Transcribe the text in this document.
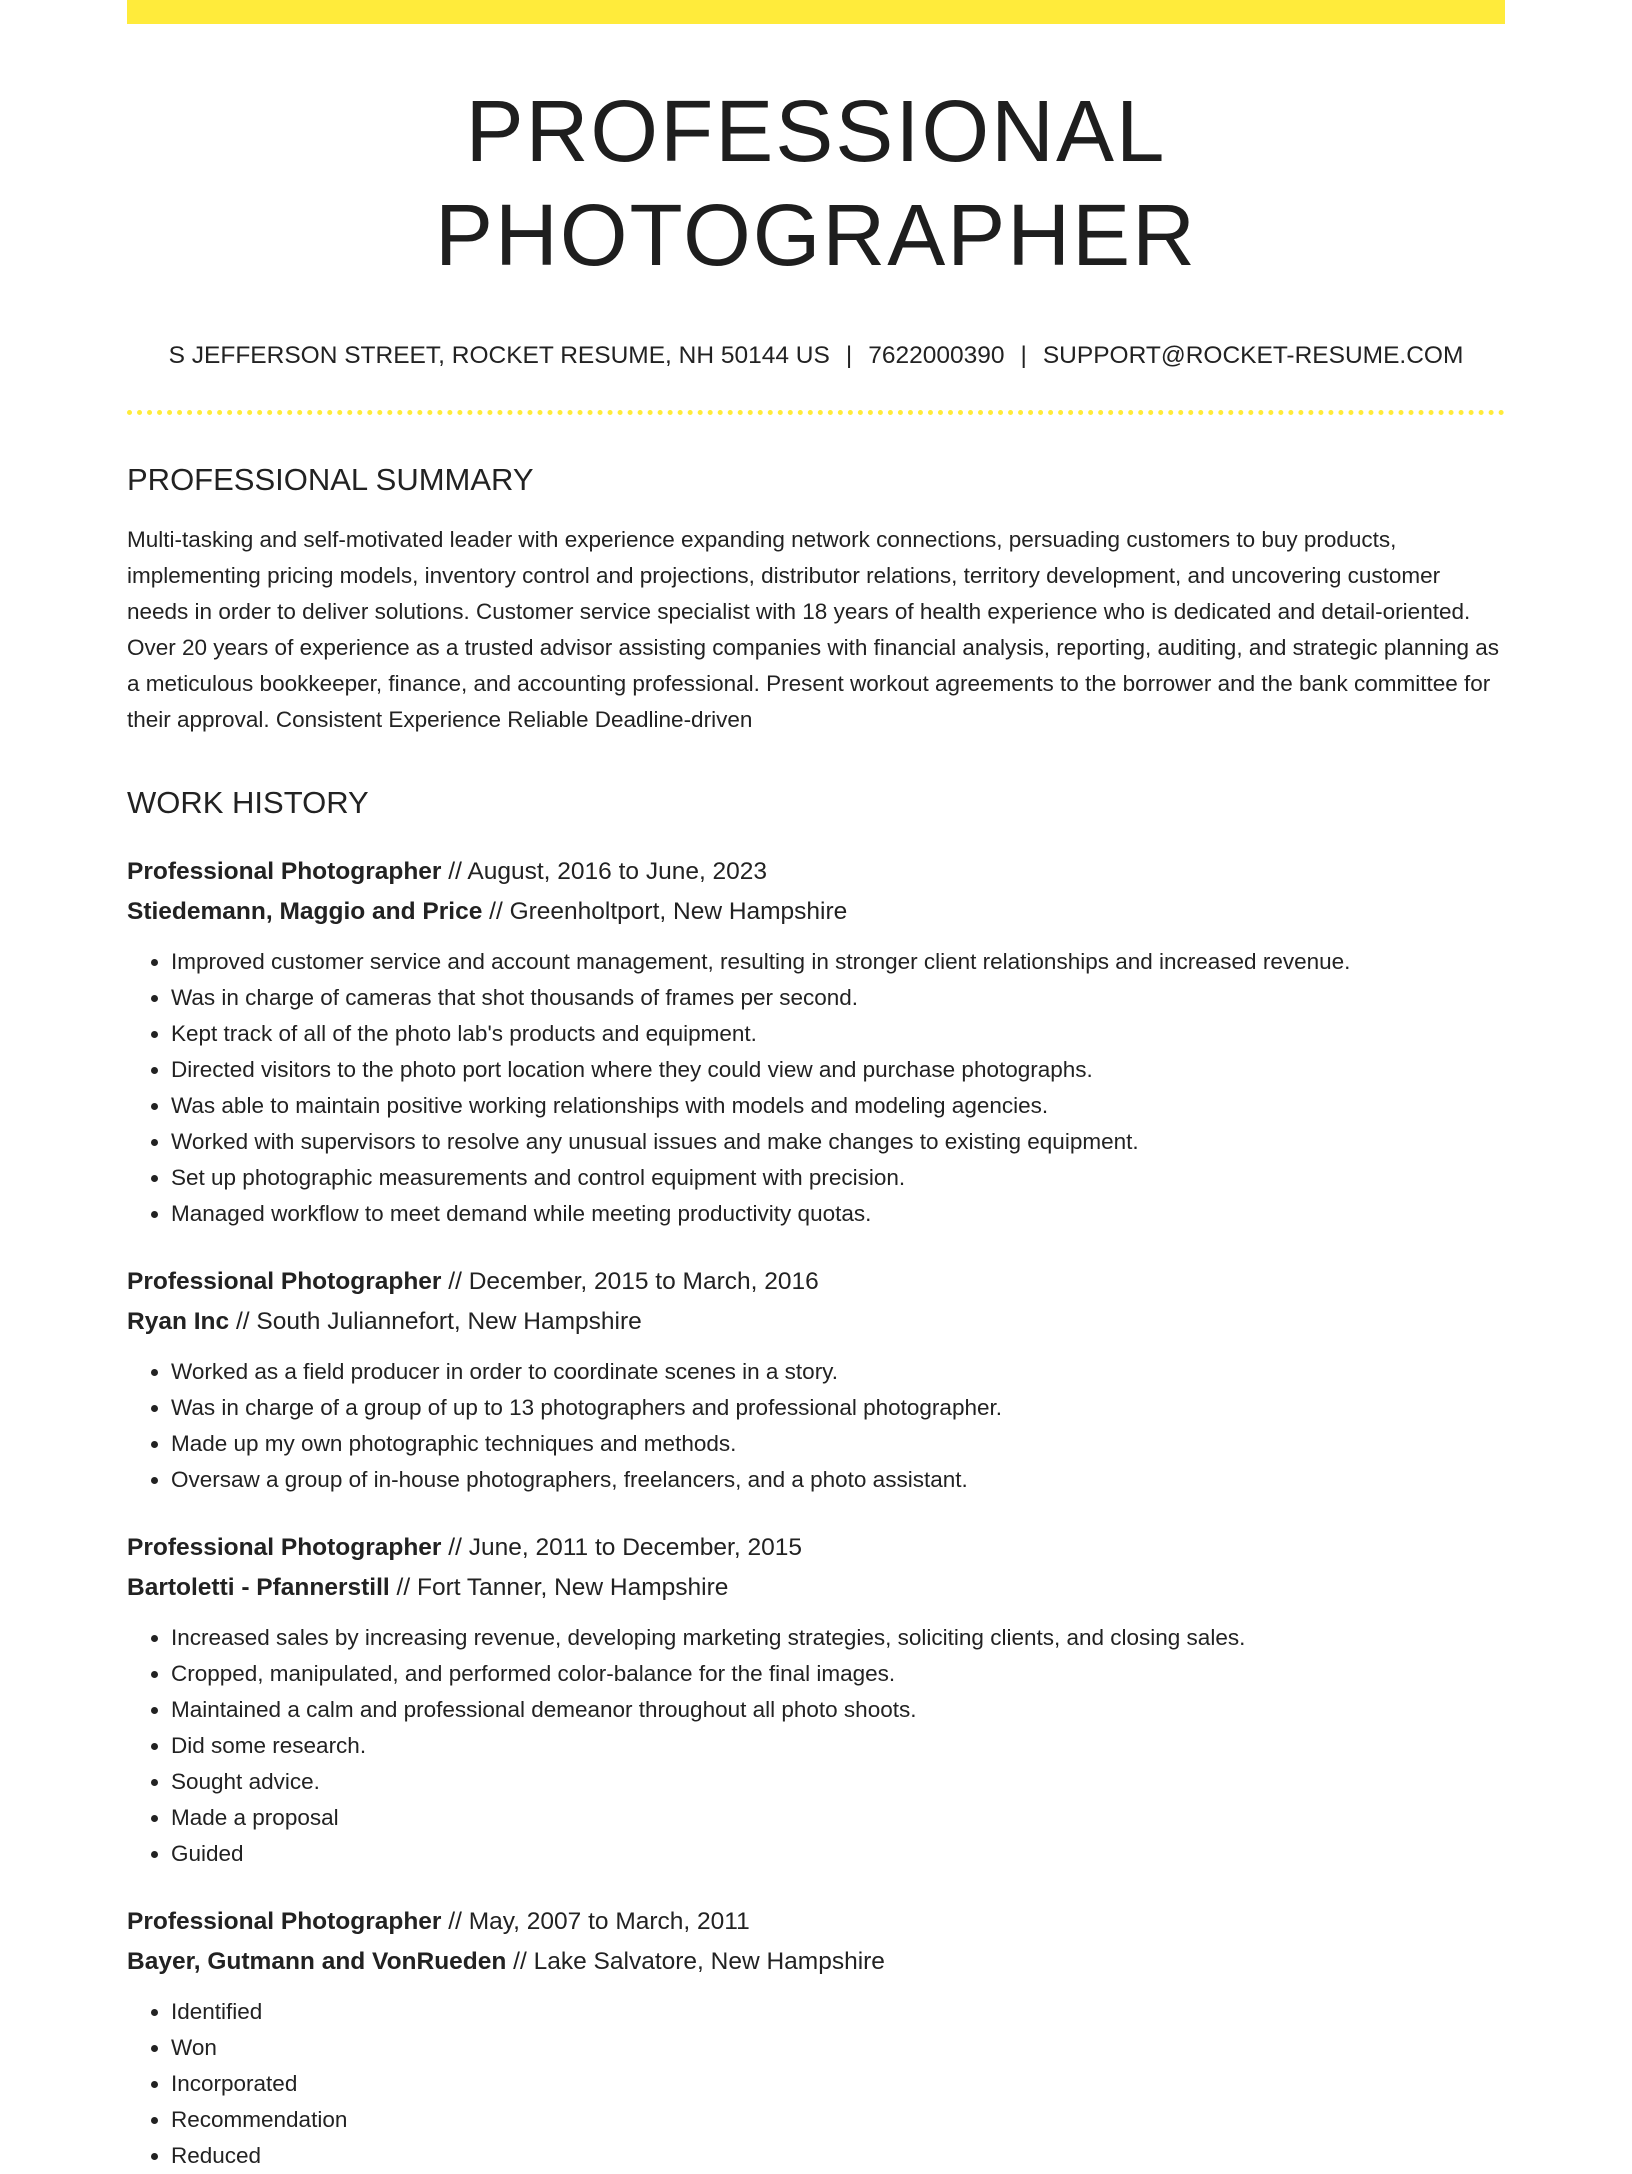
PROFESSIONAL PHOTOGRAPHER
S JEFFERSON STREET, ROCKET RESUME, NH 50144 US | 7622000390 | SUPPORT@ROCKET-RESUME.COM
PROFESSIONAL SUMMARY
Multi-tasking and self-motivated leader with experience expanding network connections, persuading customers to buy products, implementing pricing models, inventory control and projections, distributor relations, territory development, and uncovering customer needs in order to deliver solutions. Customer service specialist with 18 years of health experience who is dedicated and detail-oriented. Over 20 years of experience as a trusted advisor assisting companies with financial analysis, reporting, auditing, and strategic planning as a meticulous bookkeeper, finance, and accounting professional. Present workout agreements to the borrower and the bank committee for their approval. Consistent Experience Reliable Deadline-driven
WORK HISTORY
Professional Photographer // August, 2016 to June, 2023
Stiedemann, Maggio and Price // Greenholtport, New Hampshire
• Improved customer service and account management, resulting in stronger client relationships and increased revenue.
• Was in charge of cameras that shot thousands of frames per second.
• Kept track of all of the photo lab's products and equipment.
• Directed visitors to the photo port location where they could view and purchase photographs.
• Was able to maintain positive working relationships with models and modeling agencies.
• Worked with supervisors to resolve any unusual issues and make changes to existing equipment.
• Set up photographic measurements and control equipment with precision.
• Managed workflow to meet demand while meeting productivity quotas.
Professional Photographer // December, 2015 to March, 2016
Ryan Inc // South Juliannefort, New Hampshire
• Worked as a field producer in order to coordinate scenes in a story.
• Was in charge of a group of up to 13 photographers and professional photographer.
• Made up my own photographic techniques and methods.
• Oversaw a group of in-house photographers, freelancers, and a photo assistant.
Professional Photographer // June, 2011 to December, 2015
Bartoletti - Pfannerstill // Fort Tanner, New Hampshire
• Increased sales by increasing revenue, developing marketing strategies, soliciting clients, and closing sales.
• Cropped, manipulated, and performed color-balance for the final images.
• Maintained a calm and professional demeanor throughout all photo shoots.
• Did some research.
• Sought advice.
• Made a proposal
• Guided
Professional Photographer // May, 2007 to March, 2011
Bayer, Gutmann and VonRueden // Lake Salvatore, New Hampshire
• Identified
• Won
• Incorporated
• Recommendation
• Reduced
